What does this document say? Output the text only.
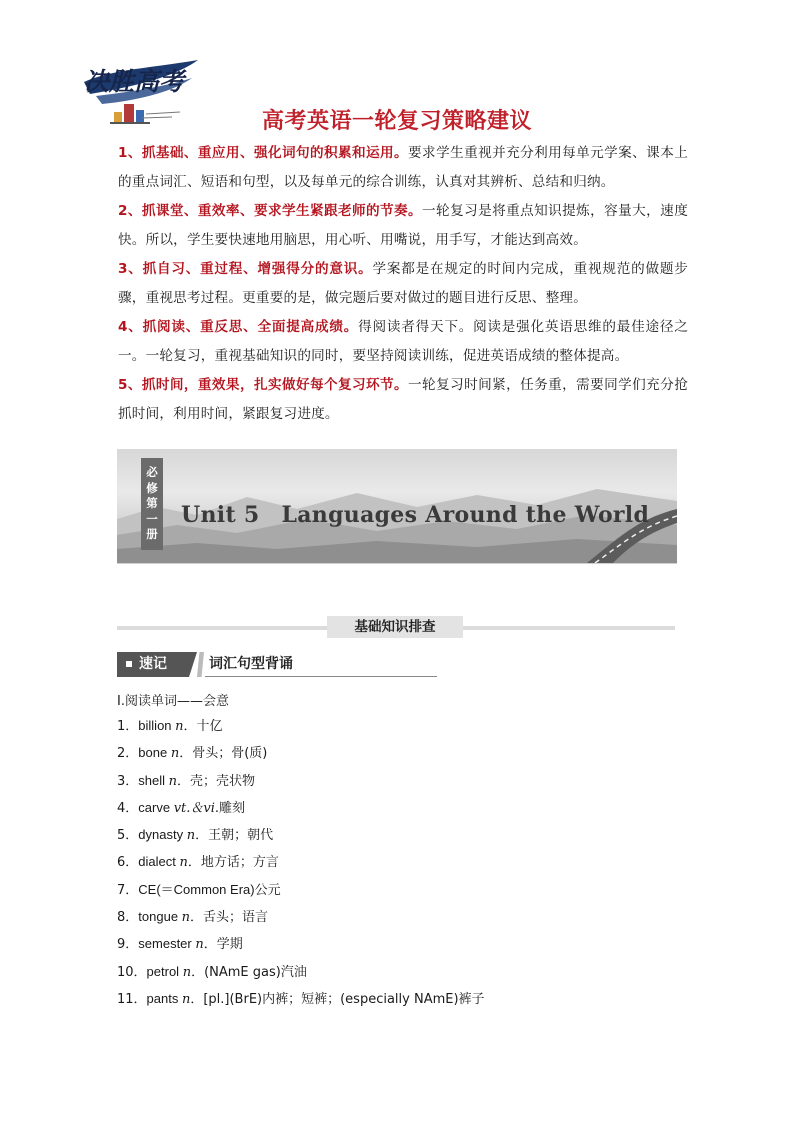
决胜高考
高考英语一轮复习策略建议

1、抓基础、重应用、强化词句的积累和运用。要求学生重视并充分利用每单元学案、课本上的重点词汇、短语和句型，以及每单元的综合训练，认真对其辨析、总结和归纳。

2、抓课堂、重效率、要求学生紧跟老师的节奏。一轮复习是将重点知识提炼，容量大，速度快。所以，学生要快速地用脑思，用心听、用嘴说，用手写，才能达到高效。

3、抓自习、重过程、增强得分的意识。学案都是在规定的时间内完成，重视规范的做题步骤，重视思考过程。更重要的是，做完题后要对做过的题目进行反思、整理。

4、抓阅读、重反思、全面提高成绩。得阅读者得天下。阅读是强化英语思维的最佳途径之一。一轮复习，重视基础知识的同时，要坚持阅读训练，促进英语成绩的整体提高。

5、抓时间，重效果，扎实做好每个复习环节。一轮复习时间紧，任务重，需要同学们充分抢抓时间，利用时间，紧跟复习进度。

必
修
第
一
册
Unit 5 Languages Around the World
基础知识排查
速记	词汇句型背诵
Ⅰ.阅读单词——会意
1．billion n．十亿
2．bone n．骨头；骨(质)
3．shell n．壳；壳状物
4．carve vt.＆vi.雕刻
5．dynasty n．王朝；朝代
6．dialect n．地方话；方言
7．CE(＝Common Era)公元
8．tongue n．舌头；语言
9．semester n．学期
10．petrol n．(NAmE gas)汽油
11．pants n．[pl.](BrE)内裤；短裤；(especially NAmE)裤子
